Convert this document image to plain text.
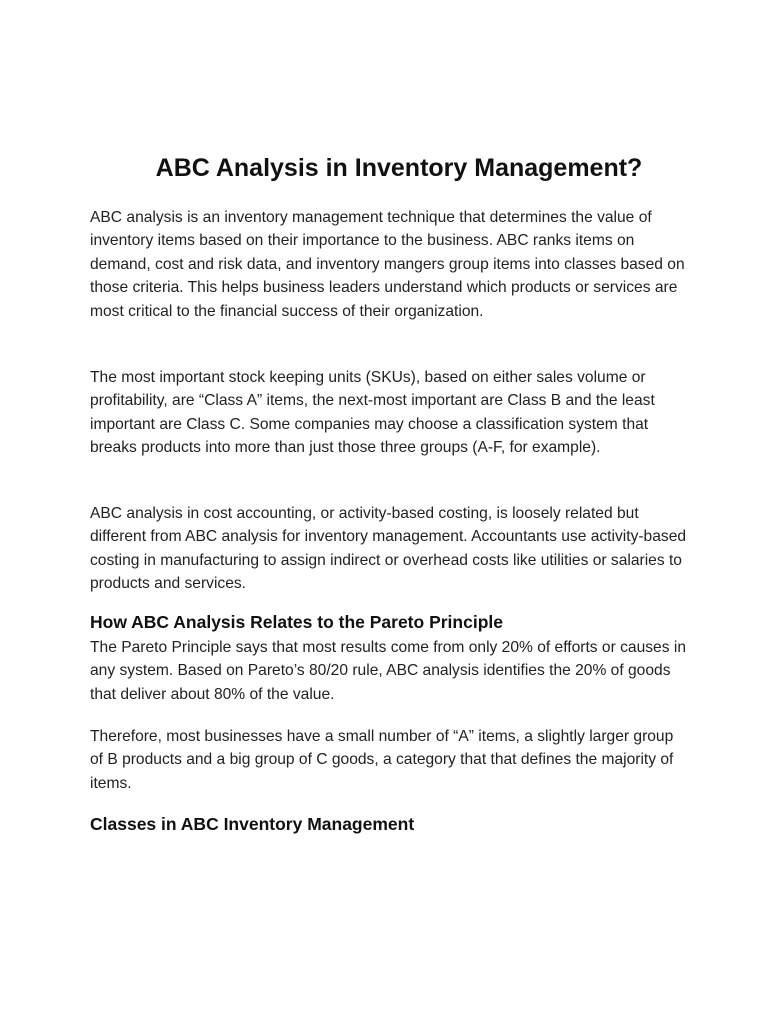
ABC Analysis in Inventory Management?

ABC analysis is an inventory management technique that determines the value of inventory items based on their importance to the business. ABC ranks items on demand, cost and risk data, and inventory mangers group items into classes based on those criteria. This helps business leaders understand which products or services are most critical to the financial success of their organization.

The most important stock keeping units (SKUs), based on either sales volume or profitability, are “Class A” items, the next-most important are Class B and the least important are Class C. Some companies may choose a classification system that breaks products into more than just those three groups (A-F, for example).

ABC analysis in cost accounting, or activity-based costing, is loosely related but different from ABC analysis for inventory management. Accountants use activity-based costing in manufacturing to assign indirect or overhead costs like utilities or salaries to products and services.

How ABC Analysis Relates to the Pareto Principle

The Pareto Principle says that most results come from only 20% of efforts or causes in any system. Based on Pareto’s 80/20 rule, ABC analysis identifies the 20% of goods that deliver about 80% of the value.

Therefore, most businesses have a small number of “A” items, a slightly larger group of B products and a big group of C goods, a category that that defines the majority of items.

Classes in ABC Inventory Management
